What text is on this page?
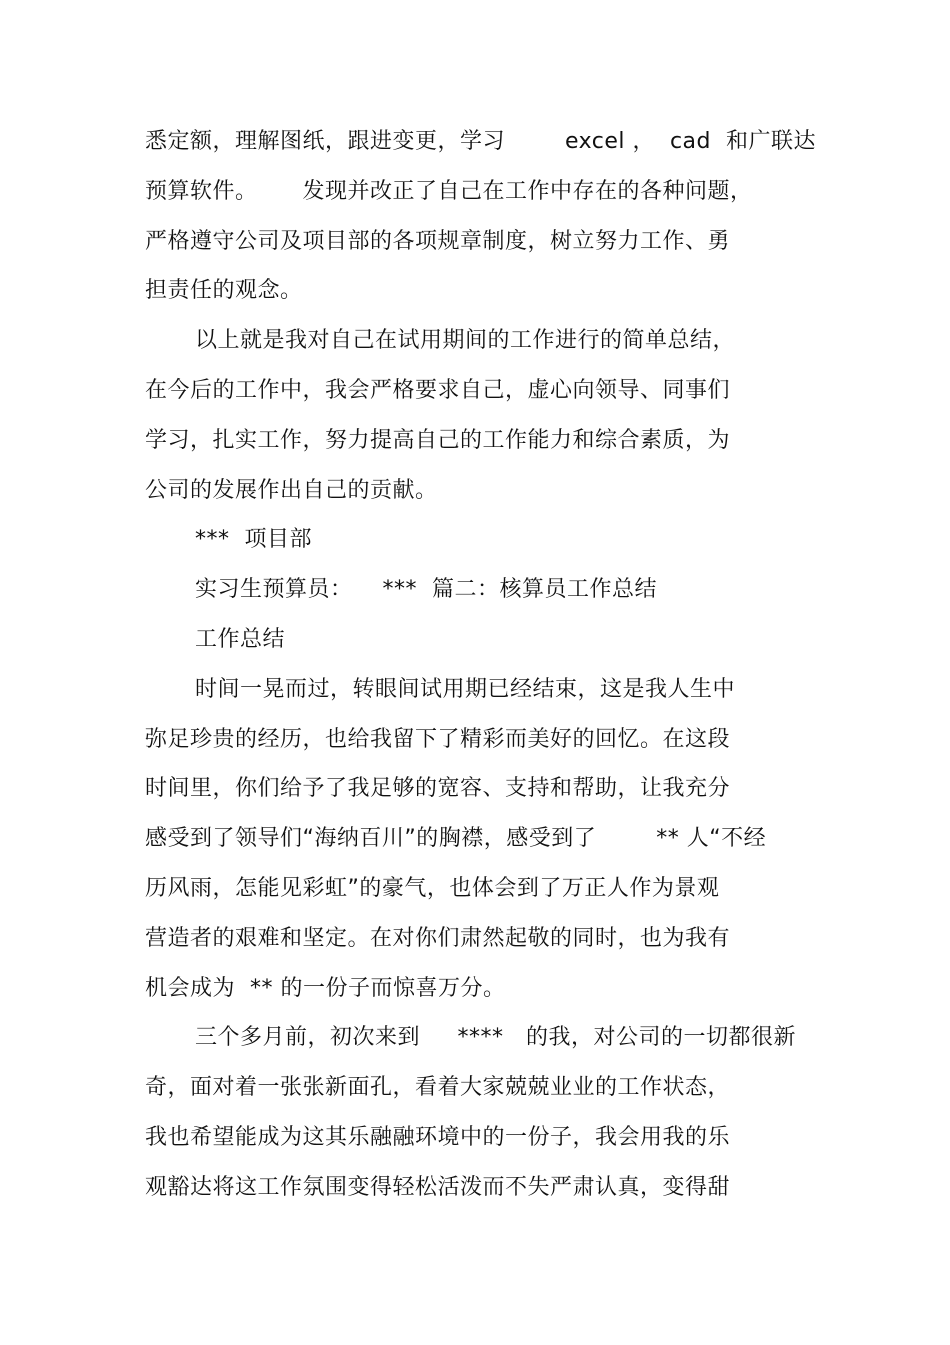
悉定额，理解图纸，跟进变更，学习        excel ，  cad  和广联达
预算软件。      发现并改正了自己在工作中存在的各种问题，
严格遵守公司及项目部的各项规章制度，树立努力工作、勇
担责任的观念。
以上就是我对自己在试用期间的工作进行的简单总结，
在今后的工作中，我会严格要求自己，虚心向领导、同事们
学习，扎实工作，努力提高自己的工作能力和综合素质，为
公司的发展作出自己的贡献。
***  项目部
实习生预算员：    ***  篇二：核算员工作总结
工作总结
时间一晃而过，转眼间试用期已经结束，这是我人生中
弥足珍贵的经历，也给我留下了精彩而美好的回忆。在这段
时间里，你们给予了我足够的宽容、支持和帮助，让我充分
感受到了领导们“海纳百川”的胸襟，感受到了        ** 人“不经
历风雨，怎能见彩虹”的豪气，也体会到了万正人作为景观
营造者的艰难和坚定。在对你们肃然起敬的同时，也为我有
机会成为  ** 的一份子而惊喜万分。
三个多月前，初次来到     ****   的我，对公司的一切都很新
奇，面对着一张张新面孔，看着大家兢兢业业的工作状态，
我也希望能成为这其乐融融环境中的一份子，我会用我的乐
观豁达将这工作氛围变得轻松活泼而不失严肃认真，变得甜
